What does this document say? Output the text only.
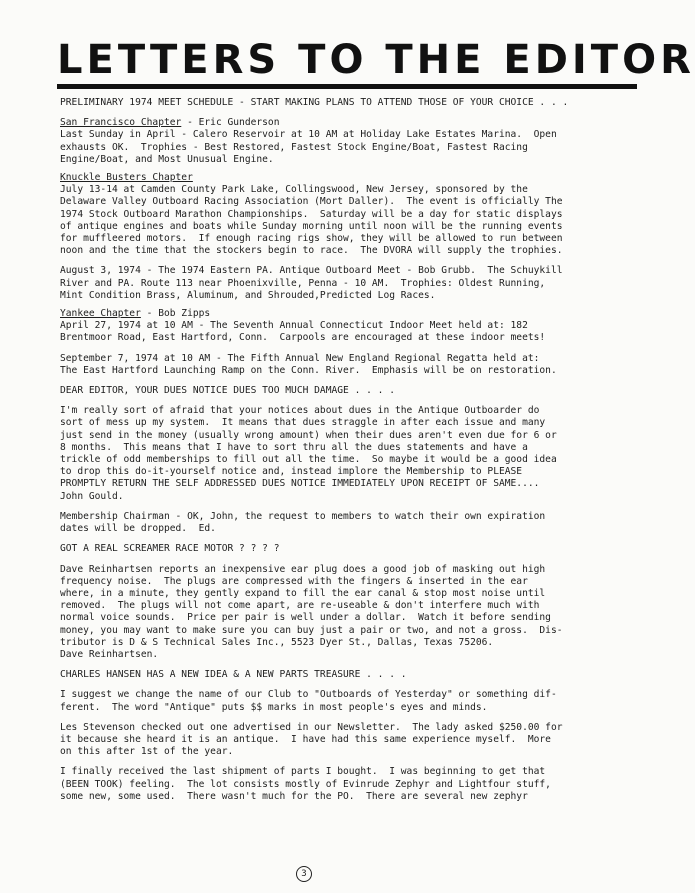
LETTERS TO THE EDITOR

PRELIMINARY 1974 MEET SCHEDULE - START MAKING PLANS TO ATTEND THOSE OF YOUR CHOICE . . .

San Francisco Chapter - Eric Gunderson

Last Sunday in April - Calero Reservoir at 10 AM at Holiday Lake Estates Marina.  Open

exhausts OK.  Trophies - Best Restored, Fastest Stock Engine/Boat, Fastest Racing

Engine/Boat, and Most Unusual Engine.

Knuckle Busters Chapter

July 13-14 at Camden County Park Lake, Collingswood, New Jersey, sponsored by the

Delaware Valley Outboard Racing Association (Mort Daller).  The event is officially The

1974 Stock Outboard Marathon Championships.  Saturday will be a day for static displays

of antique engines and boats while Sunday morning until noon will be the running events

for muffleered motors.  If enough racing rigs show, they will be allowed to run between

noon and the time that the stockers begin to race.  The DVORA will supply the trophies.

August 3, 1974 - The 1974 Eastern PA. Antique Outboard Meet - Bob Grubb.  The Schuykill

River and PA. Route 113 near Phoenixville, Penna - 10 AM.  Trophies: Oldest Running,

Mint Condition Brass, Aluminum, and Shrouded,Predicted Log Races.

Yankee Chapter - Bob Zipps

April 27, 1974 at 10 AM - The Seventh Annual Connecticut Indoor Meet held at: 182

Brentmoor Road, East Hartford, Conn.  Carpools are encouraged at these indoor meets!

September 7, 1974 at 10 AM - The Fifth Annual New England Regional Regatta held at:

The East Hartford Launching Ramp on the Conn. River.  Emphasis will be on restoration.

DEAR EDITOR, YOUR DUES NOTICE DUES TOO MUCH DAMAGE . . . .

I'm really sort of afraid that your notices about dues in the Antique Outboarder do

sort of mess up my system.  It means that dues straggle in after each issue and many

just send in the money (usually wrong amount) when their dues aren't even due for 6 or

8 months.  This means that I have to sort thru all the dues statements and have a

trickle of odd memberships to fill out all the time.  So maybe it would be a good idea

to drop this do-it-yourself notice and, instead implore the Membership to PLEASE

PROMPTLY RETURN THE SELF ADDRESSED DUES NOTICE IMMEDIATELY UPON RECEIPT OF SAME....

John Gould.

Membership Chairman - OK, John, the request to members to watch their own expiration

dates will be dropped.  Ed.

GOT A REAL SCREAMER RACE MOTOR ? ? ? ?

Dave Reinhartsen reports an inexpensive ear plug does a good job of masking out high

frequency noise.  The plugs are compressed with the fingers & inserted in the ear

where, in a minute, they gently expand to fill the ear canal & stop most noise until

removed.  The plugs will not come apart, are re-useable & don't interfere much with

normal voice sounds.  Price per pair is well under a dollar.  Watch it before sending

money, you may want to make sure you can buy just a pair or two, and not a gross.  Dis-

tributor is D & S Technical Sales Inc., 5523 Dyer St., Dallas, Texas 75206.

Dave Reinhartsen.

CHARLES HANSEN HAS A NEW IDEA & A NEW PARTS TREASURE . . . .

I suggest we change the name of our Club to "Outboards of Yesterday" or something dif-

ferent.  The word "Antique" puts $$ marks in most people's eyes and minds.

Les Stevenson checked out one advertised in our Newsletter.  The lady asked $250.00 for

it because she heard it is an antique.  I have had this same experience myself.  More

on this after 1st of the year.

I finally received the last shipment of parts I bought.  I was beginning to get that

(BEEN TOOK) feeling.  The lot consists mostly of Evinrude Zephyr and Lightfour stuff,

some new, some used.  There wasn't much for the PO.  There are several new zephyr

3
